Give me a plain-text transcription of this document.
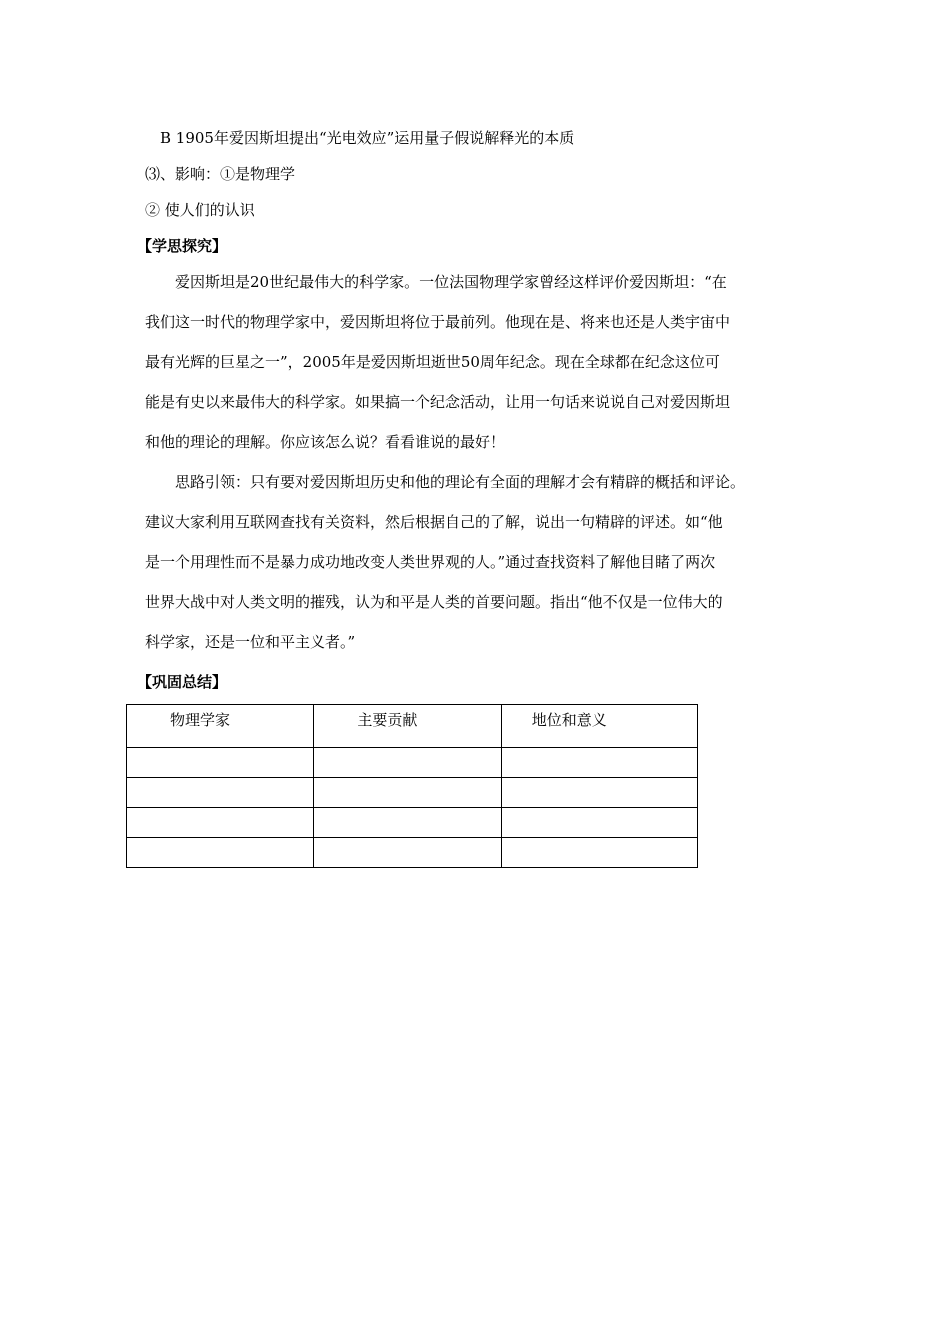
B 1905年爱因斯坦提出“光电效应”运用量子假说解释光的本质
⑶、影响：①是物理学
② 使人们的认识
【学思探究】
爱因斯坦是20世纪最伟大的科学家。一位法国物理学家曾经这样评价爱因斯坦：“在
我们这一时代的物理学家中，爱因斯坦将位于最前列。他现在是、将来也还是人类宇宙中
最有光辉的巨星之一”，2005年是爱因斯坦逝世50周年纪念。现在全球都在纪念这位可
能是有史以来最伟大的科学家。如果搞一个纪念活动，让用一句话来说说自己对爱因斯坦
和他的理论的理解。你应该怎么说？看看谁说的最好！
思路引领：只有要对爱因斯坦历史和他的理论有全面的理解才会有精辟的概括和评论。
建议大家利用互联网查找有关资料，然后根据自己的了解，说出一句精辟的评述。如“他
是一个用理性而不是暴力成功地改变人类世界观的人。”通过查找资料了解他目睹了两次
世界大战中对人类文明的摧残，认为和平是人类的首要问题。指出“他不仅是一位伟大的
科学家，还是一位和平主义者。”
【巩固总结】
物理学家	主要贡献	地位和意义
